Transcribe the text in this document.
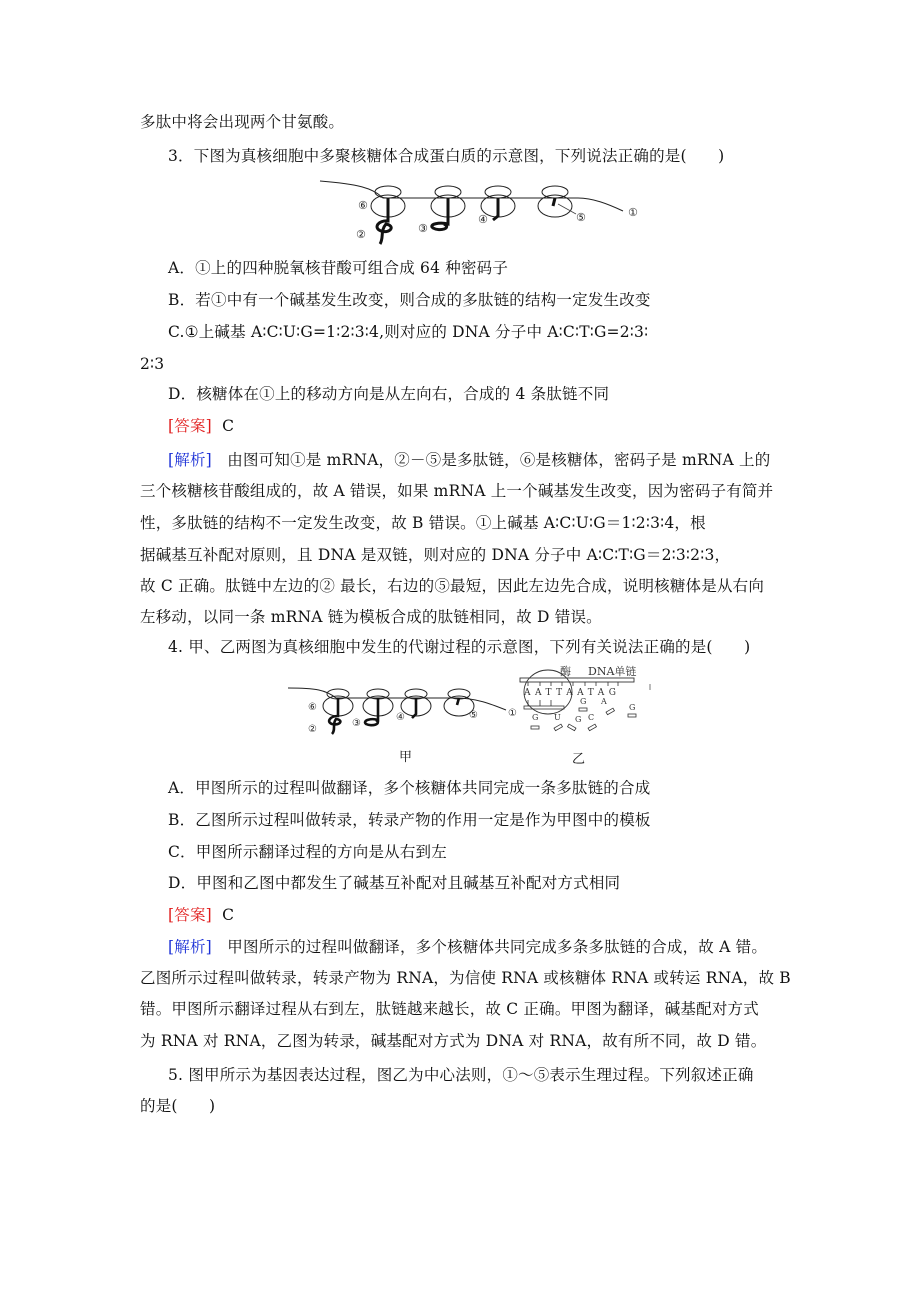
多肽中将会出现两个甘氨酸。
3．下图为真核细胞中多聚核糖体合成蛋白质的示意图，下列说法正确的是(　　)
⑥
②	③
④	⑤	①
A．①上的四种脱氧核苷酸可组合成 64 种密码子
B．若①中有一个碱基发生改变，则合成的多肽链的结构一定发生改变
C.①上碱基 A∶C∶U∶G=1∶2∶3∶4,则对应的 DNA 分子中 A∶C∶T∶G=2∶3∶
2∶3
D．核糖体在①上的移动方向是从左向右，合成的 4 条肽链不同
[答案] C
[解析] 由图可知①是 mRNA，②－⑤是多肽链，⑥是核糖体，密码子是 mRNA 上的
三个核糖核苷酸组成的，故 A 错误，如果 mRNA 上一个碱基发生改变，因为密码子有简并
性，多肽链的结构不一定发生改变，故 B 错误。①上碱基 A∶C∶U∶G＝1∶2∶3∶4，根
据碱基互补配对原则，且 DNA 是双链，则对应的 DNA 分子中 A∶C∶T∶G＝2∶3∶2∶3，
故 C 正确。肽链中左边的② 最长，右边的⑤最短，因此左边先合成，说明核糖体是从右向
左移动，以同一条 mRNA 链为模板合成的肽链相同，故 D 错误。
4. 甲、乙两图为真核细胞中发生的代谢过程的示意图，下列有关说法正确的是(　　)
⑥
②
③
④	⑤	①
甲
酶 DNA单链
AATTAATAG
G A
G
G U G C
乙
A．甲图所示的过程叫做翻译，多个核糖体共同完成一条多肽链的合成
B．乙图所示过程叫做转录，转录产物的作用一定是作为甲图中的模板
C．甲图所示翻译过程的方向是从右到左
D．甲图和乙图中都发生了碱基互补配对且碱基互补配对方式相同
[答案] C
[解析] 甲图所示的过程叫做翻译，多个核糖体共同完成多条多肽链的合成，故 A 错。
乙图所示过程叫做转录，转录产物为 RNA，为信使 RNA 或核糖体 RNA 或转运 RNA，故 B
错。甲图所示翻译过程从右到左，肽链越来越长，故 C 正确。甲图为翻译，碱基配对方式
为 RNA 对 RNA，乙图为转录，碱基配对方式为 DNA 对 RNA，故有所不同，故 D 错。
5. 图甲所示为基因表达过程，图乙为中心法则，①～⑤表示生理过程。下列叙述正确
的是(　　)
